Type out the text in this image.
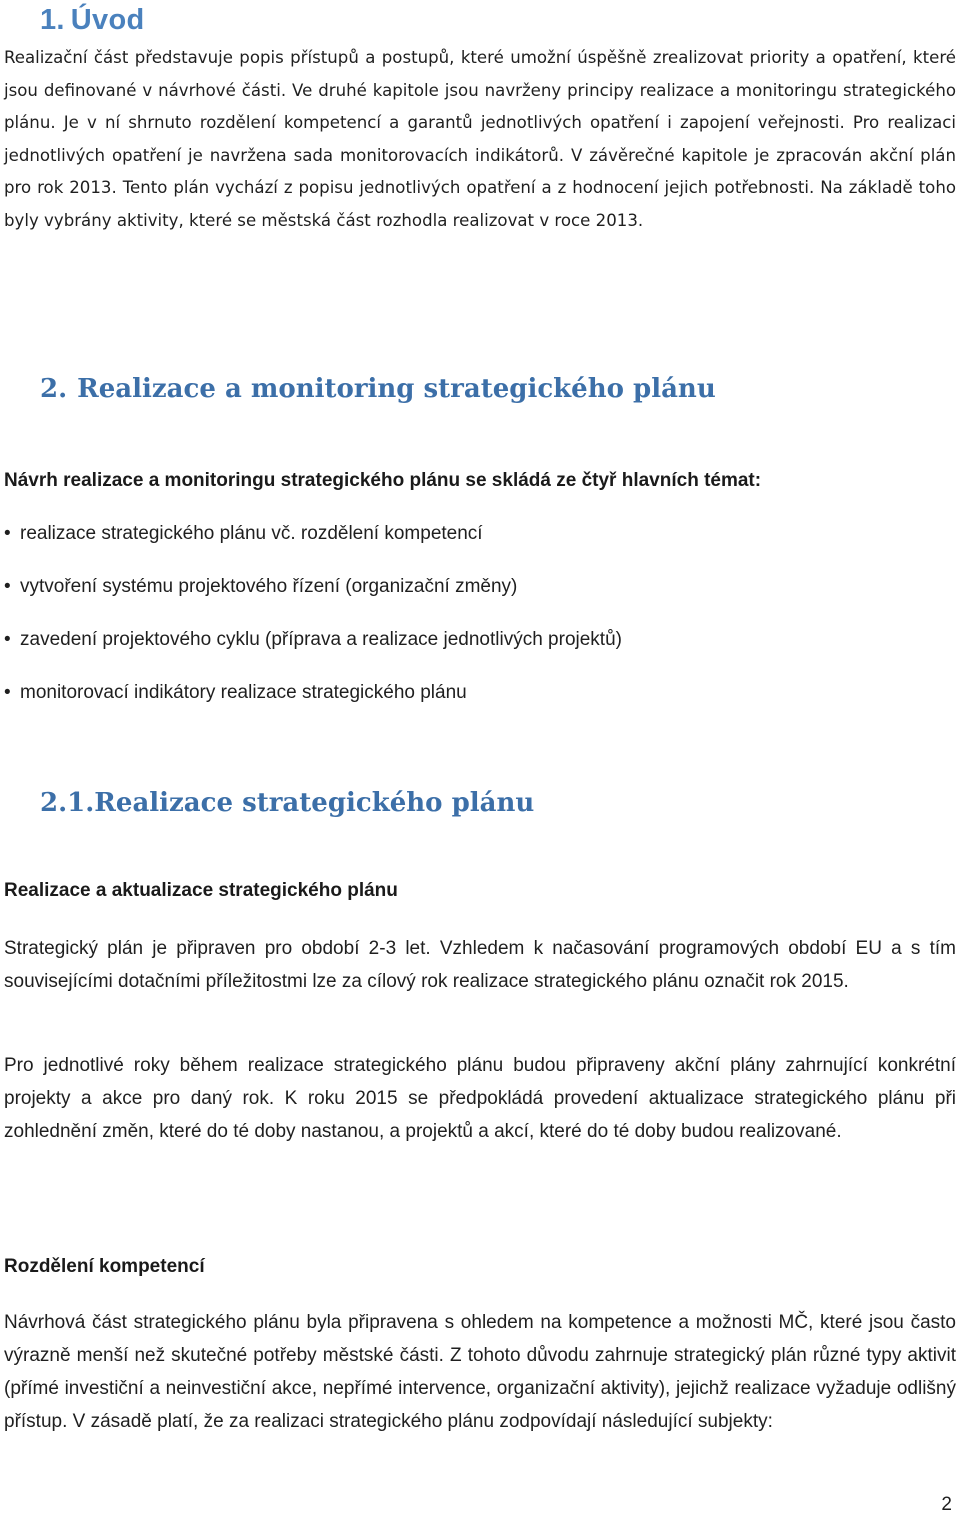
1. Úvod

Realizační část představuje popis přístupů a postupů, které umožní úspěšně zrealizovat priority a opatření, které jsou definované v návrhové části. Ve druhé kapitole jsou navrženy principy realizace a monitoringu strategického plánu. Je v ní shrnuto rozdělení kompetencí a garantů jednotlivých opatření i zapojení veřejnosti. Pro realizaci jednotlivých opatření je navržena sada monitorovacích indikátorů. V závěrečné kapitole je zpracován akční plán pro rok 2013. Tento plán vychází z popisu jednotlivých opatření a z hodnocení jejich potřebnosti. Na základě toho byly vybrány aktivity, které se městská část rozhodla realizovat v roce 2013.

2. Realizace a monitoring strategického plánu

Návrh realizace a monitoringu strategického plánu se skládá ze čtyř hlavních témat:

• realizace strategického plánu vč. rozdělení kompetencí

• vytvoření systému projektového řízení (organizační změny)

• zavedení projektového cyklu (příprava a realizace jednotlivých projektů)

• monitorovací indikátory realizace strategického plánu

2.1.Realizace strategického plánu

Realizace a aktualizace strategického plánu

Strategický plán je připraven pro období 2-3 let. Vzhledem k načasování programových období EU a s tím souvisejícími dotačními příležitostmi lze za cílový rok realizace strategického plánu označit rok 2015.

Pro jednotlivé roky během realizace strategického plánu budou připraveny akční plány zahrnující konkrétní projekty a akce pro daný rok. K roku 2015 se předpokládá provedení aktualizace strategického plánu při zohlednění změn, které do té doby nastanou, a projektů a akcí, které do té doby budou realizované.

Rozdělení kompetencí

Návrhová část strategického plánu byla připravena s ohledem na kompetence a možnosti MČ, které jsou často výrazně menší než skutečné potřeby městské části. Z tohoto důvodu zahrnuje strategický plán různé typy aktivit (přímé investiční a neinvestiční akce, nepřímé intervence, organizační aktivity), jejichž realizace vyžaduje odlišný přístup. V zásadě platí, že za realizaci strategického plánu zodpovídají následující subjekty:

2
